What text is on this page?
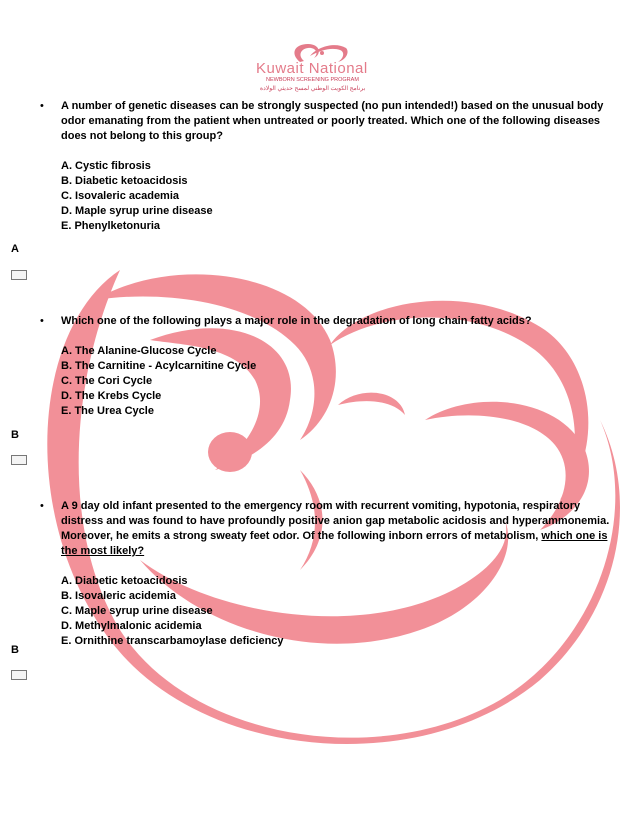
Kuwait National
NEWBORN SCREENING PROGRAM
برنامج الكويت الوطني لمسح حديثي الولادة
• A number of genetic diseases can be strongly suspected (no pun intended!) based on the unusual body odor emanating from the patient when untreated or poorly treated. Which one of the following diseases does not belong to this group?
A. Cystic fibrosis
B. Diabetic ketoacidosis
C. Isovaleric academia
D. Maple syrup urine disease
E. Phenylketonuria
A
• Which one of the following plays a major role in the degradation of long chain fatty acids?
A. The Alanine-Glucose Cycle
B. The Carnitine - Acylcarnitine Cycle
C. The Cori Cycle
D. The Krebs Cycle
E. The Urea Cycle
B
• A 9 day old infant presented to the emergency room with recurrent vomiting, hypotonia, respiratory distress and was found to have profoundly positive anion gap metabolic acidosis and hyperammonemia. Moreover, he emits a strong sweaty feet odor. Of the following inborn errors of metabolism, which one is the most likely?
A. Diabetic ketoacidosis
B. Isovaleric acidemia
C. Maple syrup urine disease
D. Methylmalonic acidemia
E. Ornithine transcarbamoylase deficiency
B
